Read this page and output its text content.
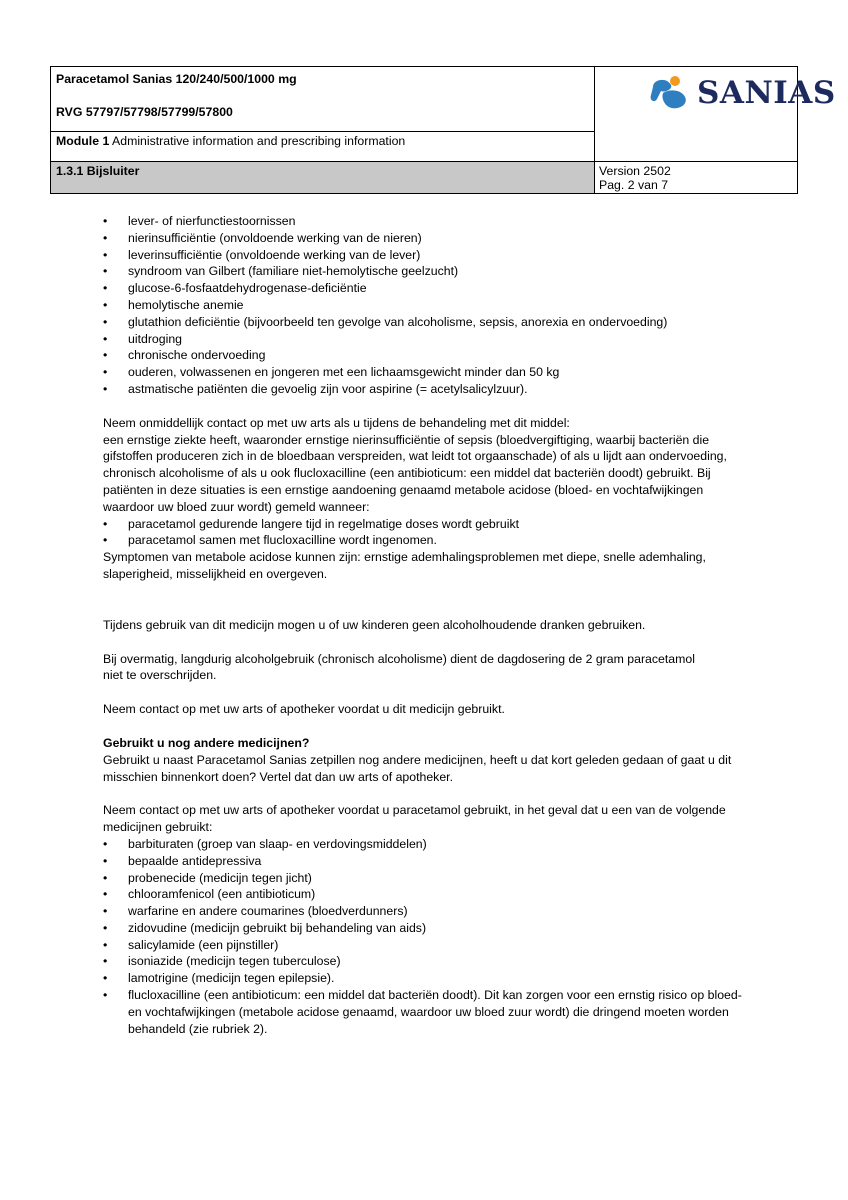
Paracetamol Sanias 120/240/500/1000 mg
RVG 57797/57798/57799/57800
SANIAS
Module 1 Administrative information and prescribing information
1.3.1 Bijsluiter	Version 2502
Pag. 2 van 7

• lever- of nierfunctiestoornissen

• nierinsufficiëntie (onvoldoende werking van de nieren)

• leverinsufficiëntie (onvoldoende werking van de lever)

• syndroom van Gilbert (familiare niet-hemolytische geelzucht)

• glucose-6-fosfaatdehydrogenase-deficiëntie

• hemolytische anemie

• glutathion deficiëntie (bijvoorbeeld ten gevolge van alcoholisme, sepsis, anorexia en ondervoeding)

• uitdroging

• chronische ondervoeding

• ouderen, volwassenen en jongeren met een lichaamsgewicht minder dan 50 kg

• astmatische patiënten die gevoelig zijn voor aspirine (= acetylsalicylzuur).

Neem onmiddellijk contact op met uw arts als u tijdens de behandeling met dit middel:

een ernstige ziekte heeft, waaronder ernstige nierinsufficiëntie of sepsis (bloedvergiftiging, waarbij bacteriën die gifstoffen produceren zich in de bloedbaan verspreiden, wat leidt tot orgaanschade) of als u lijdt aan ondervoeding, chronisch alcoholisme of als u ook flucloxacilline (een antibioticum: een middel dat bacteriën doodt) gebruikt. Bij patiënten in deze situaties is een ernstige aandoening genaamd metabole acidose (bloed- en vochtafwijkingen waardoor uw bloed zuur wordt) gemeld wanneer:

• paracetamol gedurende langere tijd in regelmatige doses wordt gebruikt

• paracetamol samen met flucloxacilline wordt ingenomen.

Symptomen van metabole acidose kunnen zijn: ernstige ademhalingsproblemen met diepe, snelle ademhaling, slaperigheid, misselijkheid en overgeven.

Tijdens gebruik van dit medicijn mogen u of uw kinderen geen alcoholhoudende dranken gebruiken.

Bij overmatig, langdurig alcoholgebruik (chronisch alcoholisme) dient de dagdosering de 2 gram paracetamol niet te overschrijden.

Neem contact op met uw arts of apotheker voordat u dit medicijn gebruikt.

Gebruikt u nog andere medicijnen?

Gebruikt u naast Paracetamol Sanias zetpillen nog andere medicijnen, heeft u dat kort geleden gedaan of gaat u dit misschien binnenkort doen? Vertel dat dan uw arts of apotheker.

Neem contact op met uw arts of apotheker voordat u paracetamol gebruikt, in het geval dat u een van de volgende medicijnen gebruikt:

• barbituraten (groep van slaap- en verdovingsmiddelen)

• bepaalde antidepressiva

• probenecide (medicijn tegen jicht)

• chlooramfenicol (een antibioticum)

• warfarine en andere coumarines (bloedverdunners)

• zidovudine (medicijn gebruikt bij behandeling van aids)

• salicylamide (een pijnstiller)

• isoniazide (medicijn tegen tuberculose)

• lamotrigine (medicijn tegen epilepsie).

• flucloxacilline (een antibioticum: een middel dat bacteriën doodt). Dit kan zorgen voor een ernstig risico op bloed- en vochtafwijkingen (metabole acidose genaamd, waardoor uw bloed zuur wordt) die dringend moeten worden behandeld (zie rubriek 2).
